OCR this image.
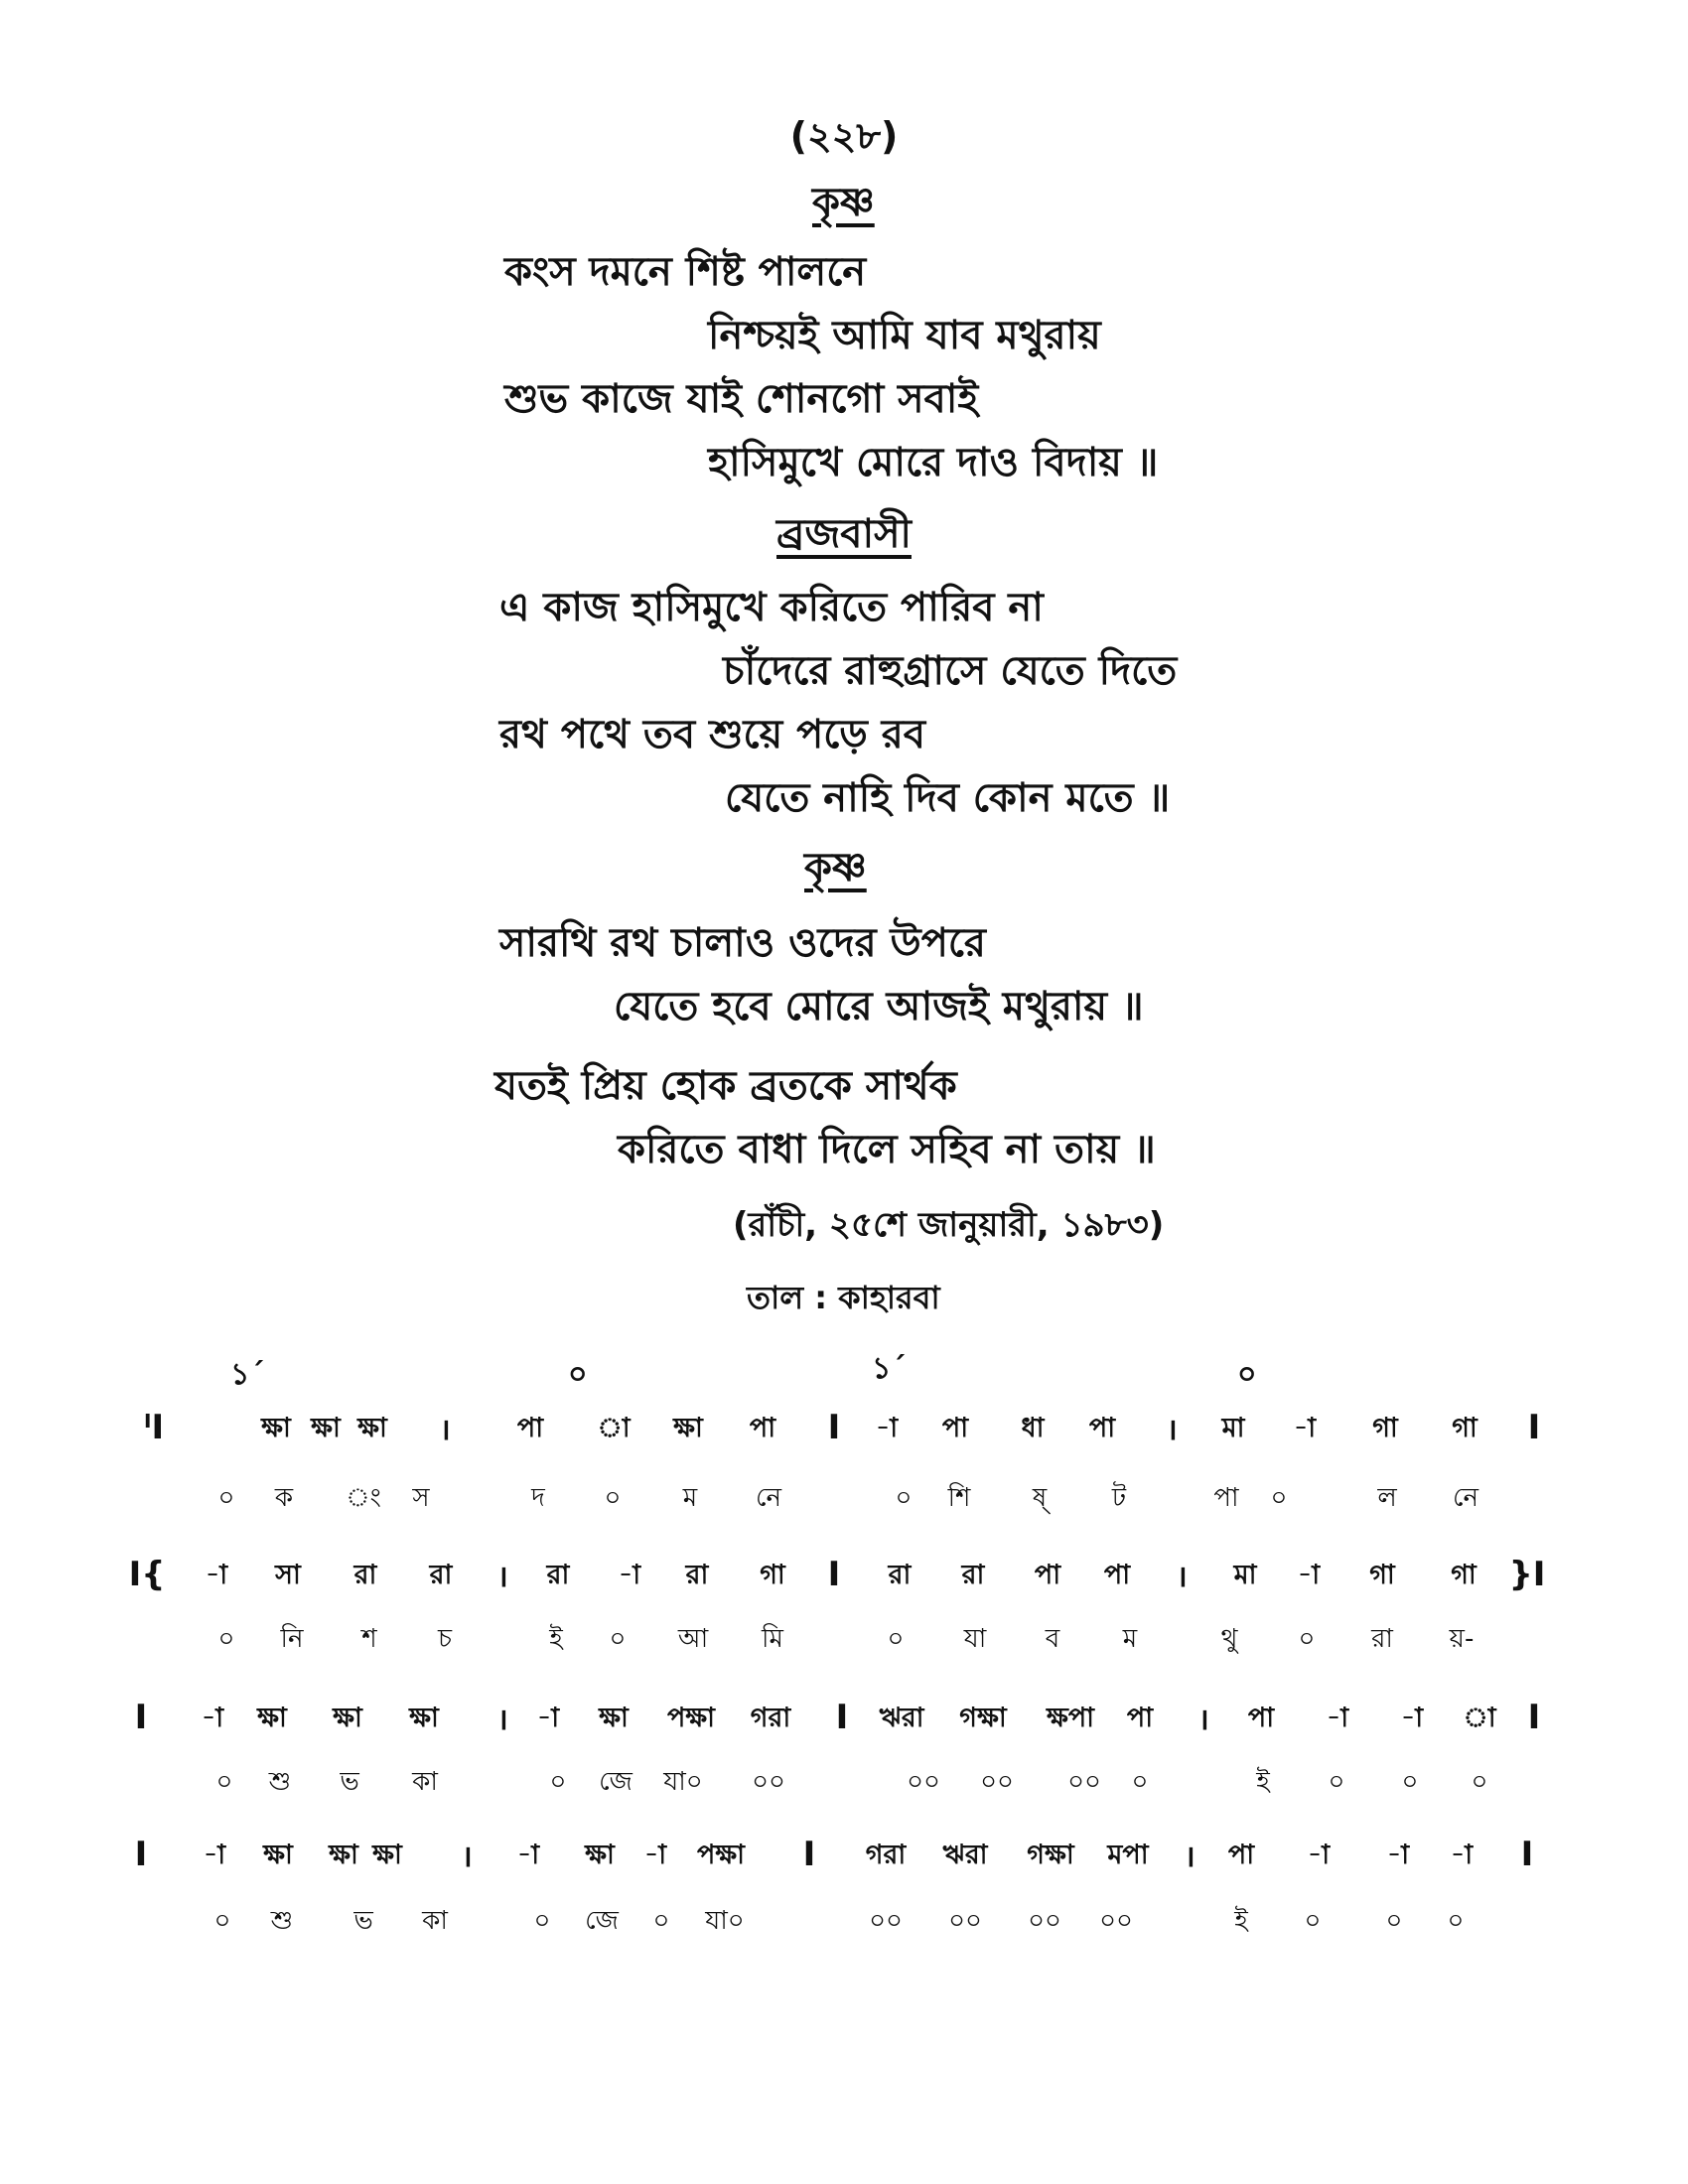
(২২৮)
কৃষ্ণ
কংস দমনে শিষ্ট পালনে
নিশ্চয়ই আমি যাব মথুরায়
শুভ কাজে যাই শোনগো সবাই
হাসিমুখে মোরে দাও বিদায় ॥
ব্রজবাসী
এ কাজ হাসিমুখে করিতে পারিব না
চাঁদেরে রাহুগ্রাসে যেতে দিতে
রথ পথে তব শুয়ে পড়ে রব
যেতে নাহি দিব কোন মতে ॥
কৃষ্ণ
সারথি রথ চালাও ওদের উপরে
যেতে হবে মোরে আজই মথুরায় ॥
যতই প্রিয় হোক ব্রতকে সার্থক
করিতে বাধা দিলে সহিব না তায় ॥
(রাঁচী, ২৫শে জানুয়ারী, ১৯৮৩)
তাল : কাহারবা
১´	০	১´	০
ᑊI	ক্ষা ক্ষা ক্ষা । পা া ক্ষা পা I -া পা ধা পা । মা -া গা গা I
০ ক ং স	দ ০ ম নে	০ শি ষ্	ট	পা ০	ল নে
I{ -া সা রা রা । রা -া রা গা I রা রা পা পা । মা -া গা গা }I
০ নি শ চ	ই ০ আ মি	০ যা ব ম	থু ০ রা য়-
I -া ক্ষা ক্ষা ক্ষা । -া ক্ষা পক্ষা গরা I ঋরা গক্ষা ক্ষপা পা । পা -া -া া I
০ শু ভ কা	০ জে যা০ ০০	০০ ০০ ০০ ০	ই ০ ০ ০
I -া ক্ষা ক্ষা ক্ষা । -া ক্ষা -া পক্ষা I গরা ঋরা গক্ষা মপা । পা -া -া -া I
০ শু ভ কা	০ জে ০ যা০	০০ ০০ ০০ ০০	ই ০	০ ০
